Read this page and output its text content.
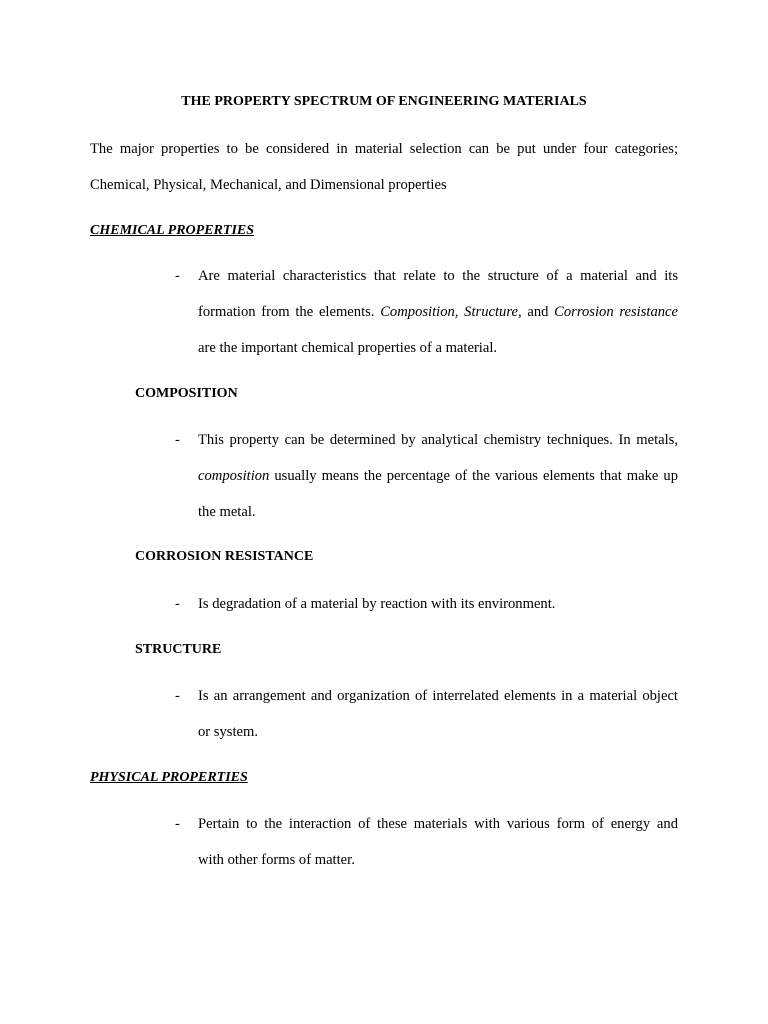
THE PROPERTY SPECTRUM OF ENGINEERING MATERIALS
The major properties to be considered in material selection can be put under four categories;
Chemical, Physical, Mechanical, and Dimensional properties
CHEMICAL PROPERTIES
- Are material characteristics that relate to the structure of a material and its
formation from the elements. Composition, Structure, and Corrosion resistance
are the important chemical properties of a material.
COMPOSITION
- This property can be determined by analytical chemistry techniques. In metals,
composition usually means the percentage of the various elements that make up
the metal.
CORROSION RESISTANCE
- Is degradation of a material by reaction with its environment.
STRUCTURE
- Is an arrangement and organization of interrelated elements in a material object
or system.
PHYSICAL PROPERTIES
- Pertain to the interaction of these materials with various form of energy and
with other forms of matter.
